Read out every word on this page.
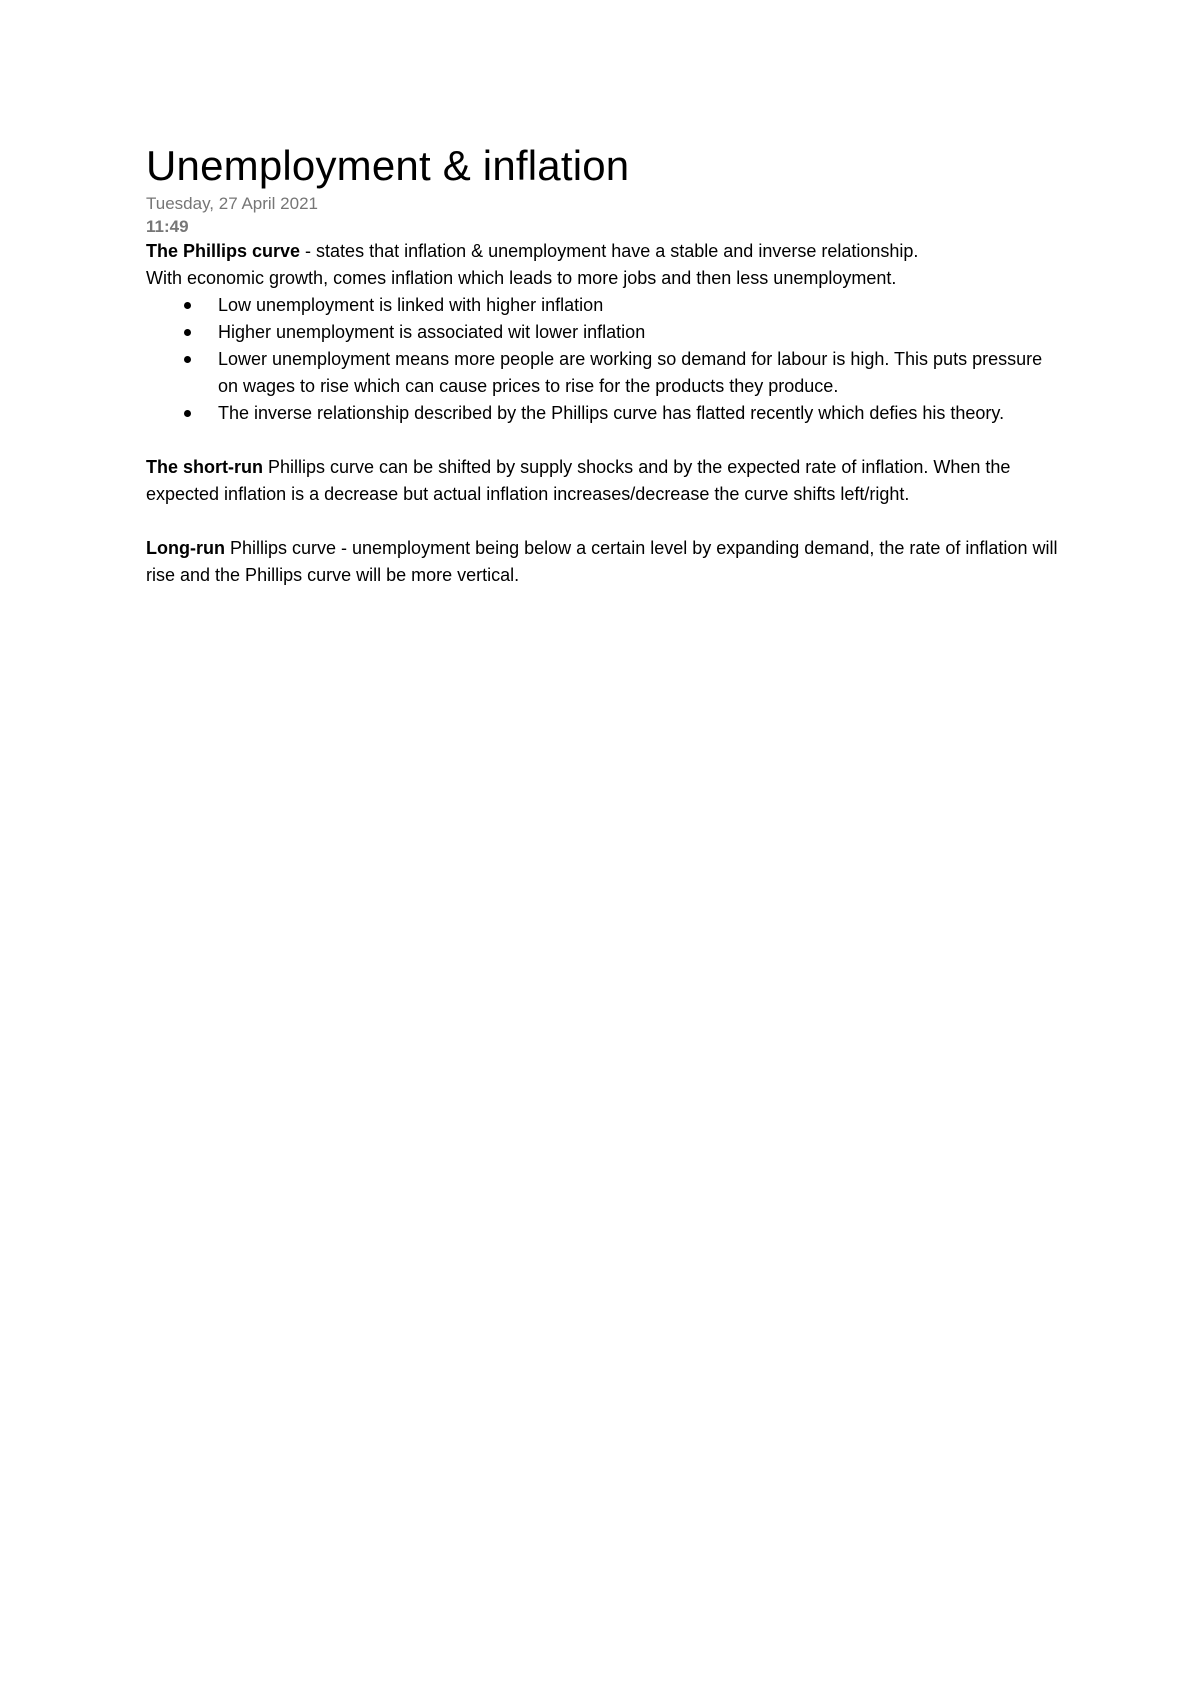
Unemployment & inflation
Tuesday, 27 April 2021
11:49

The Phillips curve - states that inflation & unemployment have a stable and inverse relationship.

With economic growth, comes inflation which leads to more jobs and then less unemployment.

Low unemployment is linked with higher inflation
Higher unemployment is associated wit lower inflation
Lower unemployment means more people are working so demand for labour is high. This puts pressure on wages to rise which can cause prices to rise for the products they produce.
The inverse relationship described by the Phillips curve has flatted recently which defies his theory.

The short-run Phillips curve can be shifted by supply shocks and by the expected rate of inflation. When the expected inflation is a decrease but actual inflation increases/decrease the curve shifts left/right.

Long-run Phillips curve - unemployment being below a certain level by expanding demand, the rate of inflation will rise and the Phillips curve will be more vertical.
